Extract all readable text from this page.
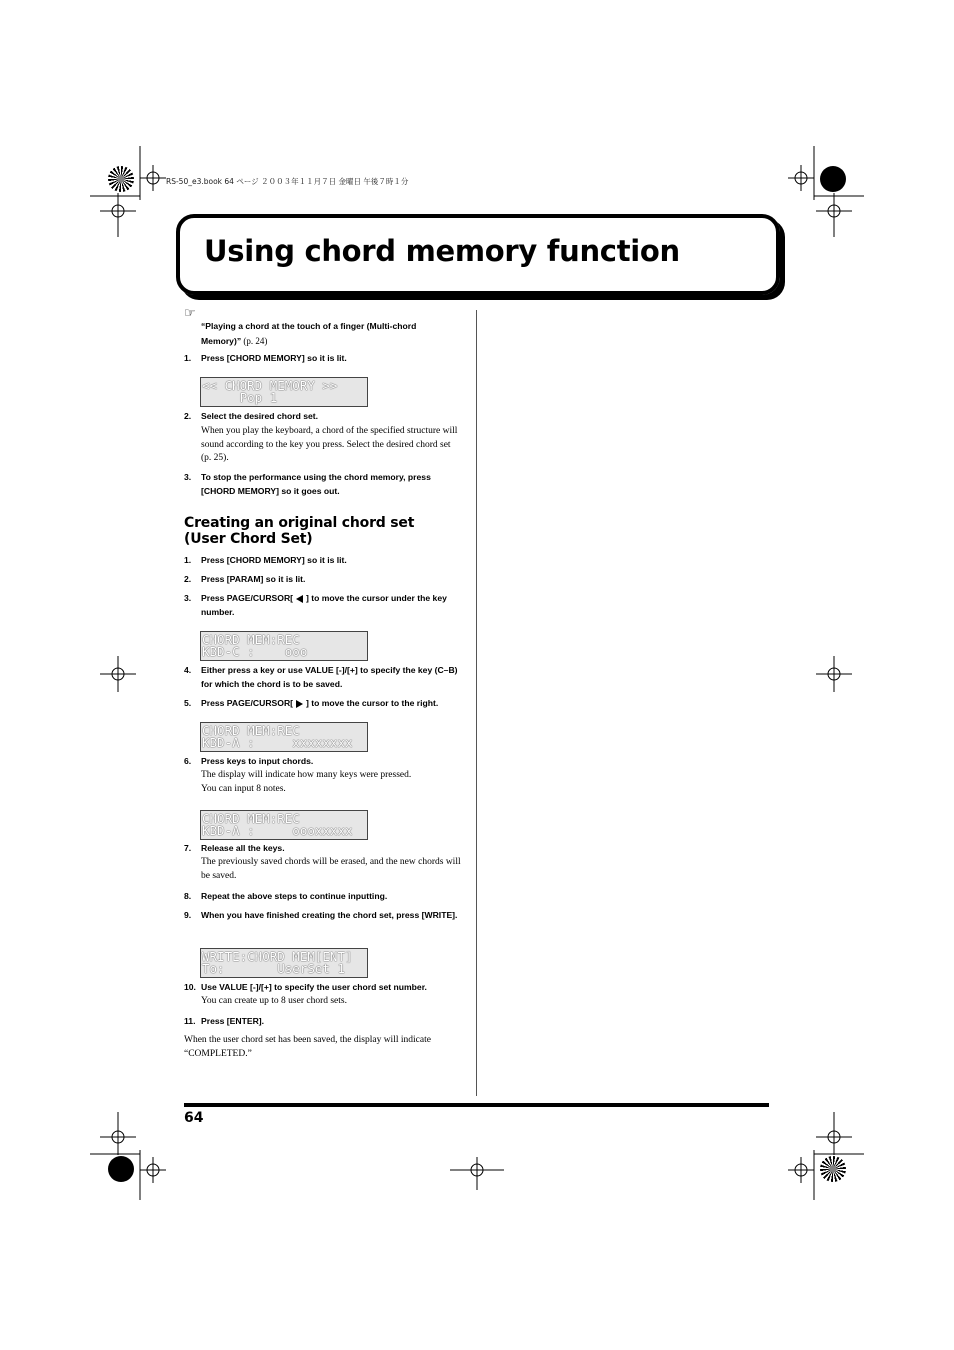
RS-50_e3.book 64 ページ ２００３年１１月７日 金曜日 午後７時１分
Using chord memory function
☞
“Playing a chord at the touch of a finger (Multi-chord Memory)” (p. 24)
1.	Press [CHORD MEMORY] so it is lit.
<< CHORD MEMORY >>
Pop 1
2.	Select the desired chord set.
When you play the keyboard, a chord of the specified structure will sound according to the key you press. Select the desired chord set (p. 25).
3.	To stop the performance using the chord memory, press [CHORD MEMORY] so it goes out.
Creating an original chord set
(User Chord Set)
1.	Press [CHORD MEMORY] so it is lit.
2.	Press [PARAM] so it is lit.
3.	Press PAGE/CURSOR[ ] to move the cursor under the key number.
CHORD MEM:REC
KBD-C :    ooo
4.	Either press a key or use VALUE [-]/[+] to specify the key (C–B) for which the chord is to be saved.
5.	Press PAGE/CURSOR[ ] to move the cursor to the right.
CHORD MEM:REC
KBD-A :     xxxxxxxx
6.	Press keys to input chords.
The display will indicate how many keys were pressed.
You can input 8 notes.
CHORD MEM:REC
KBD-A :     oooxxxxx
7.	Release all the keys.
The previously saved chords will be erased, and the new chords will be saved.
8.	Repeat the above steps to continue inputting.
9.	When you have finished creating the chord set, press [WRITE].
WRITE:CHORD MEM[ENT]
To:       UserSet 1
10. Use VALUE [-]/[+] to specify the user chord set number.
You can create up to 8 user chord sets.
11. Press [ENTER].
When the user chord set has been saved, the display will indicate “COMPLETED.”
64
